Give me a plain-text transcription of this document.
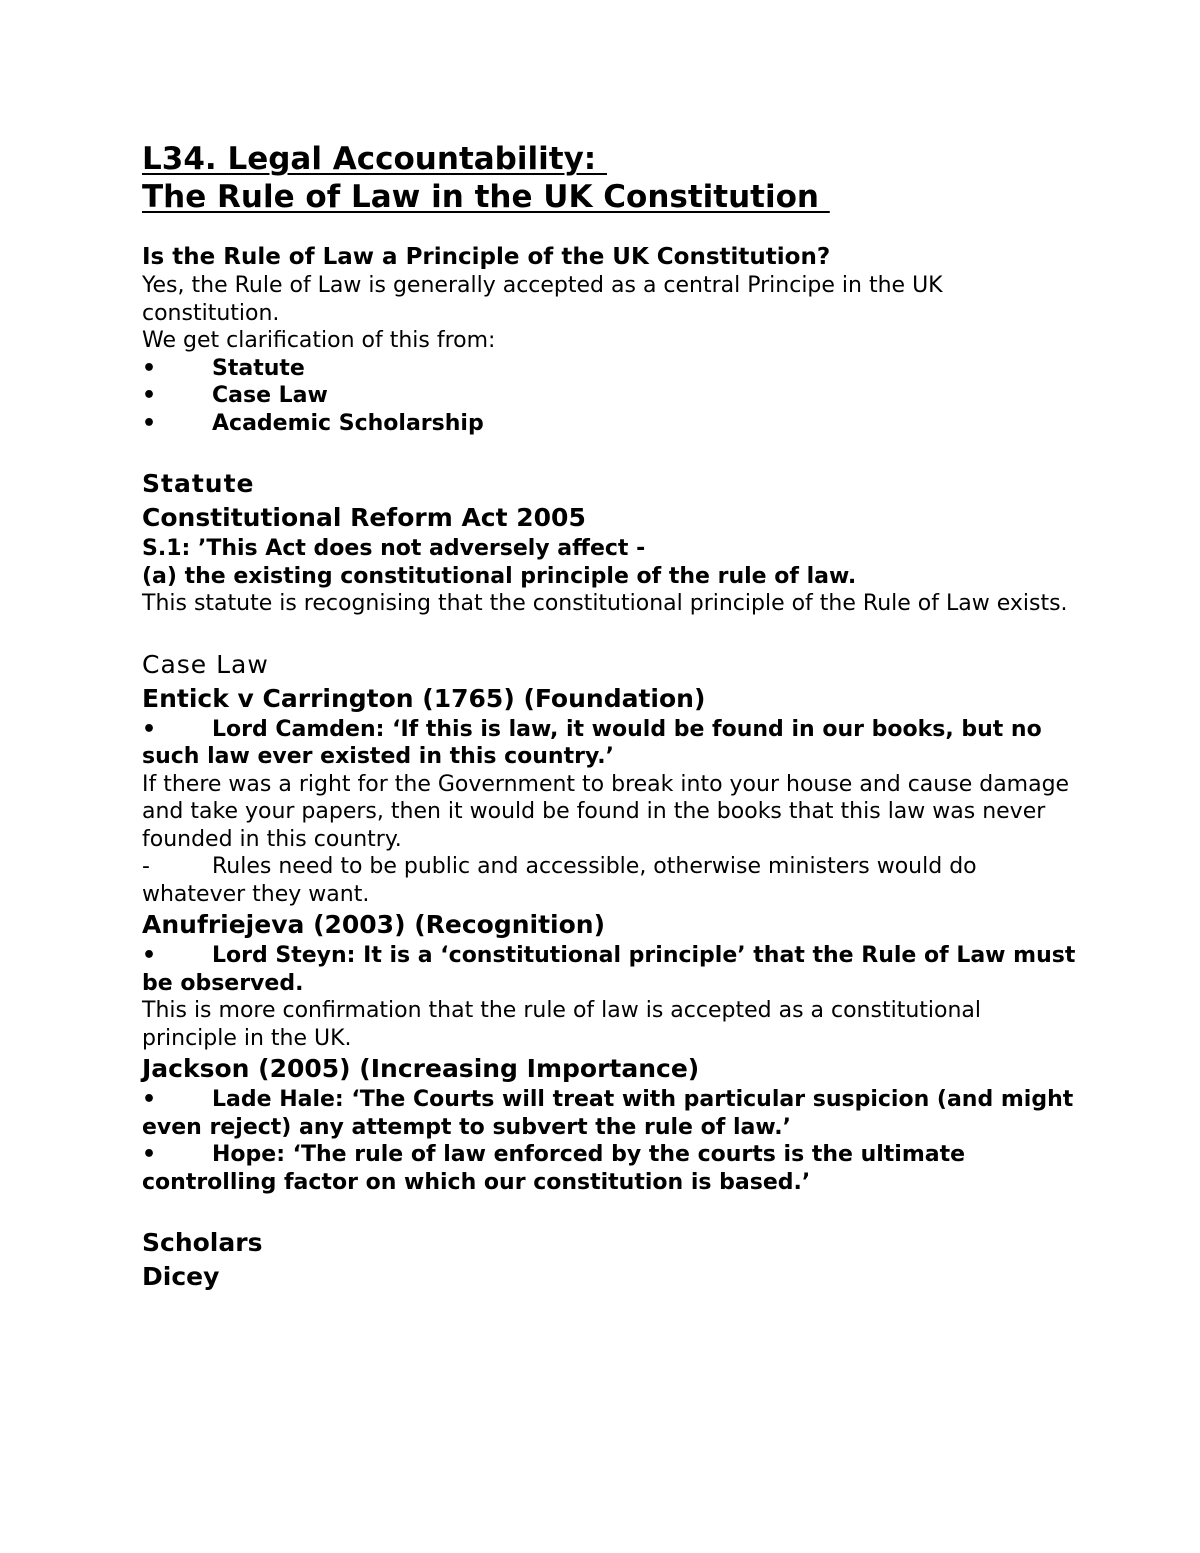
L34. Legal Accountability:
The Rule of Law in the UK Constitution
Is the Rule of Law a Principle of the UK Constitution?

Yes, the Rule of Law is generally accepted as a central Principe in the UK constitution.

We get clarification of this from:

•	Statute
•	Case Law
•	Academic Scholarship
Statute
Constitutional Reform Act 2005

S.1: ’This Act does not adversely affect -

(a) the existing constitutional principle of the rule of law.

This statute is recognising that the constitutional principle of the Rule of Law exists.

Case Law
Entick v Carrington (1765) (Foundation)

•	Lord Camden: ‘If this is law, it would be found in our books, but no such law ever existed in this country.’

If there was a right for the Government to break into your house and cause damage and take your papers, then it would be found in the books that this law was never founded in this country.

-	Rules need to be public and accessible, otherwise ministers would do whatever they want.

Anufriejeva (2003) (Recognition)

•	Lord Steyn: It is a ‘constitutional principle’ that the Rule of Law must be observed.

This is more confirmation that the rule of law is accepted as a constitutional principle in the UK.

Jackson (2005) (Increasing Importance)

•	Lade Hale: ‘The Courts will treat with particular suspicion (and might even reject) any attempt to subvert the rule of law.’

•	Hope: ‘The rule of law enforced by the courts is the ultimate controlling factor on which our constitution is based.’

Scholars
Dicey
